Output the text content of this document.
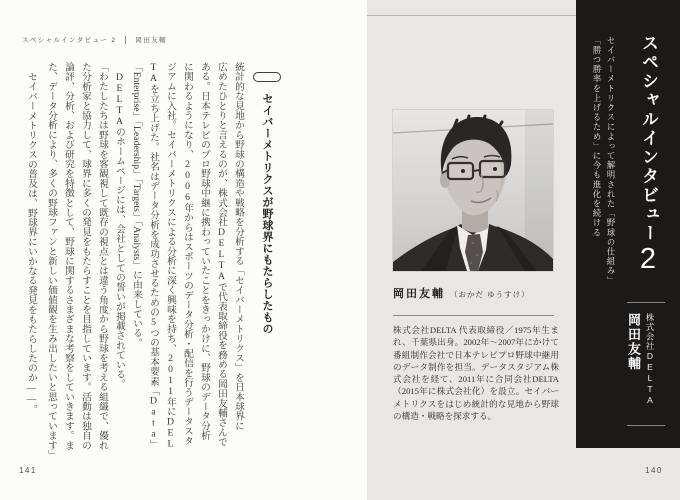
スペシャルインタビュー 2	岡田友輔
セイバーメトリクスが野球界にもたらしたもの
統計的な見地から野球の構造や戦略を分析する「セイバーメトリクス」を日本球界に
広めたひとりと言えるのが、株式会社DELTAで代表取締役を務める岡田友輔さんで
ある。日本テレビのプロ野球中継に携わっていたことをきっかけに、野球のデータ分析
に関わるようになり、2006年からはスポーツのデータ分析・配信を行うデータスタ
ジアムに入社。セイバーメトリクスによる分析に深く興味を持ち、2011年にDEL
TAを立ち上げた。社名はデータ分析を成功させるための5つの基本要素「Data」
「Enterprise」「Leadership」「Targets」「Analysts」に由来している。
DELTAのホームページには、会社としての誓いが掲載されている。
「わたしたちは野球を客観視して既存の視点とは違う角度から野球を考える組織で、優れ
た分析家と協力して、球界に多くの発見をもたらすことを目指しています。活動は独自の
論評、分析、および研究を特徴として、野球に関するさまざまな考察をしていきます。ま
た、データ分析により、多くの野球ファンと新しい価値観を生み出したいと思っています」
セイバーメトリクスの普及は、野球界にいかなる発見をもたらしたのか――。
141
岡田友輔 （おかだ ゆうすけ）

株式会社DELTA 代表取締役／1975年生まれ、千葉県出身。2002年〜2007年にかけて番組制作会社で日本テレビプロ野球中継用のデータ制作を担当。データスタジアム株式会社を経て、2011年に合同会社DELTA（2015年に株式会社化）を設立。セイバーメトリクスをはじめ統計的な見地から野球の構造・戦略を探求する。

スペシャルインタビュー
2
セイバーメトリクスによって解明された「野球の仕組み」
「勝つ勝率を上げるため」に今も進化を続ける
株式会社DELTA
岡田友輔
140
